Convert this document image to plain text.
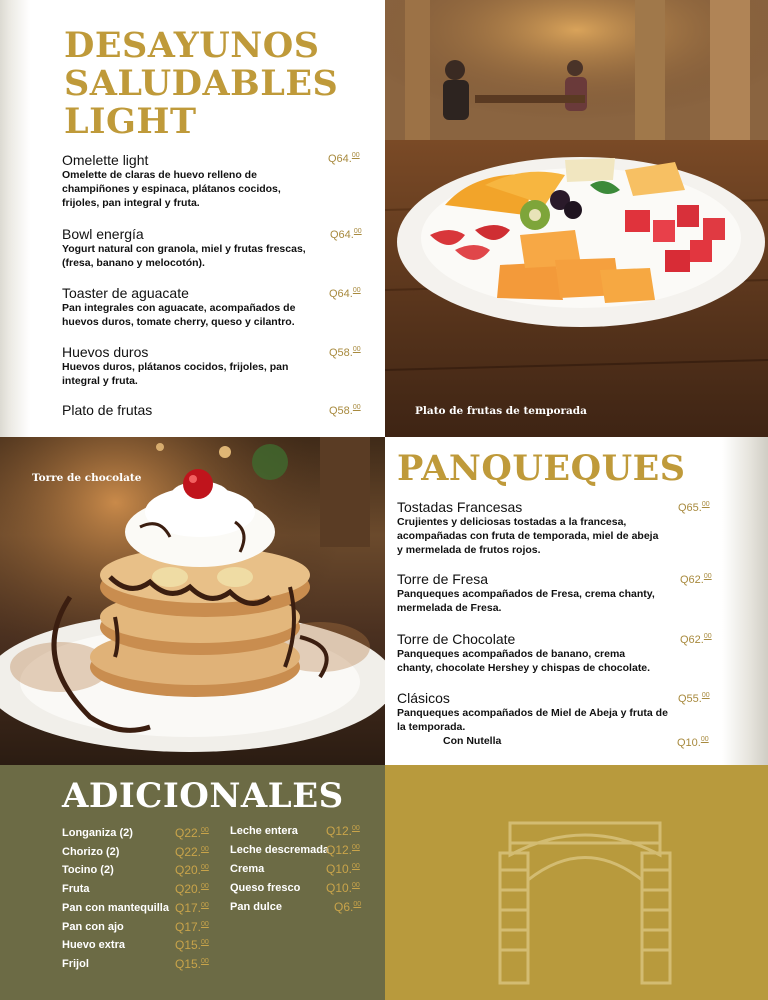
DESAYUNOS
SALUDABLES
LIGHT
Omelette light
Omelette de claras de huevo relleno de champiñones y espinaca, plátanos cocidos, frijoles, pan integral y fruta.
Q64.00
Bowl energía
Yogurt natural con granola, miel y frutas frescas, (fresa, banano y melocotón).
Q64.00
Toaster de aguacate
Pan integrales con aguacate, acompañados de huevos duros, tomate cherry, queso y cilantro.
Q64.00
Huevos duros
Huevos duros, plátanos cocidos, frijoles, pan integral y fruta.
Q58.00
Plato de frutas	Q58.00	Plato de frutas de temporada
Torre de chocolate	PANQUEQUES
Tostadas Francesas
Crujientes y deliciosas tostadas a la francesa, acompañadas con fruta de temporada, miel de abeja y mermelada de frutos rojos.
Q65.00
Torre de Fresa
Panqueques acompañados de Fresa, crema chanty, mermelada de Fresa.
Q62.00
Torre de Chocolate
Panqueques acompañados de banano, crema chanty, chocolate Hershey y chispas de chocolate.
Q62.00
Clásicos
Panqueques acompañados de Miel de Abeja y fruta de la temporada.
Q55.00
Con Nutella	Q10.00
ADICIONALES
Longaniza (2)	Q22.00
Chorizo (2)	Q22.00
Tocino (2)	Q20.00
Fruta	Q20.00
Pan con mantequilla Q17.00
Pan con ajo	Q17.00
Huevo extra	Q15.00
Frijol	Q15.00
Leche entera Q12.00
Leche descremada
Q12.00
Crema	Q10.00
Queso fresco Q10.00
Pan dulce	Q6.00
